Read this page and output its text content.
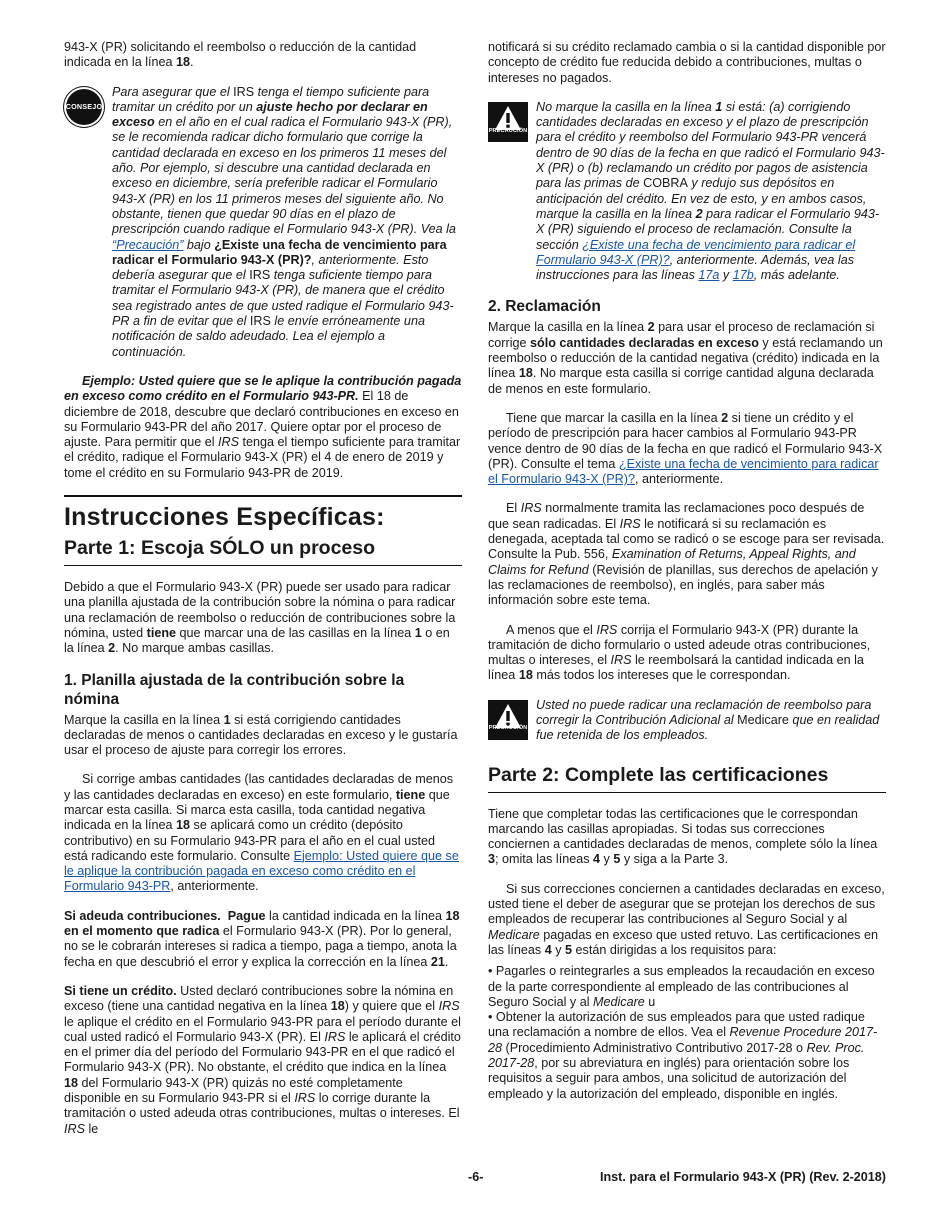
943-X (PR) solicitando el reembolso o reducción de la cantidad indicada en la línea 18.

CONSEJO
Para asegurar que el IRS tenga el tiempo suficiente para tramitar un crédito por un ajuste hecho por declarar en exceso en el año en el cual radica el Formulario 943-X (PR), se le recomienda radicar dicho formulario que corrige la cantidad declarada en exceso en los primeros 11 meses del año. Por ejemplo, si descubre una cantidad declarada en exceso en diciembre, sería preferible radicar el Formulario 943-X (PR) en los 11 primeros meses del siguiente año. No obstante, tienen que quedar 90 días en el plazo de prescripción cuando radique el Formulario 943-X (PR). Vea la “Precaución” bajo ¿Existe una fecha de vencimiento para radicar el Formulario 943-X (PR)?, anteriormente. Esto debería asegurar que el IRS tenga suficiente tiempo para tramitar el Formulario 943-X (PR), de manera que el crédito sea registrado antes de que usted radique el Formulario 943-PR a fin de evitar que el IRS le envíe erróneamente una notificación de saldo adeudado. Lea el ejemplo a continuación.

Ejemplo: Usted quiere que se le aplique la contribución pagada en exceso como crédito en el Formulario 943-PR. El 18 de diciembre de 2018, descubre que declaró contribuciones en exceso en su Formulario 943-PR del año 2017. Quiere optar por el proceso de ajuste. Para permitir que el IRS tenga el tiempo suficiente para tramitar el crédito, radique el Formulario 943-X (PR) el 4 de enero de 2019 y tome el crédito en su Formulario 943-PR de 2019.

Instrucciones Específicas:
Parte 1: Escoja SÓLO un proceso

Debido a que el Formulario 943-X (PR) puede ser usado para radicar una planilla ajustada de la contribución sobre la nómina o para radicar una reclamación de reembolso o reducción de contribuciones sobre la nómina, usted tiene que marcar una de las casillas en la línea 1 o en la línea 2. No marque ambas casillas.

1. Planilla ajustada de la contribución sobre la nómina

Marque la casilla en la línea 1 si está corrigiendo cantidades declaradas de menos o cantidades declaradas en exceso y le gustaría usar el proceso de ajuste para corregir los errores.

Si corrige ambas cantidades (las cantidades declaradas de menos y las cantidades declaradas en exceso) en este formulario, tiene que marcar esta casilla. Si marca esta casilla, toda cantidad negativa indicada en la línea 18 se aplicará como un crédito (depósito contributivo) en su Formulario 943-PR para el año en el cual usted está radicando este formulario. Consulte Ejemplo: Usted quiere que se le aplique la contribución pagada en exceso como crédito en el Formulario 943-PR, anteriormente.

Si adeuda contribuciones. Pague la cantidad indicada en la línea 18 en el momento que radica el Formulario 943-X (PR). Por lo general, no se le cobrarán intereses si radica a tiempo, paga a tiempo, anota la fecha en que descubrió el error y explica la corrección en la línea 21.

Si tiene un crédito. Usted declaró contribuciones sobre la nómina en exceso (tiene una cantidad negativa en la línea 18) y quiere que el IRS le aplique el crédito en el Formulario 943-PR para el período durante el cual usted radicó el Formulario 943-X (PR). El IRS le aplicará el crédito en el primer día del período del Formulario 943-PR en el que radicó el Formulario 943-X (PR). No obstante, el crédito que indica en la línea 18 del Formulario 943-X (PR) quizás no esté completamente disponible en su Formulario 943-PR si el IRS lo corrige durante la tramitación o usted adeuda otras contribuciones, multas o intereses. El IRS le

notificará si su crédito reclamado cambia o si la cantidad disponible por concepto de crédito fue reducida debido a contribuciones, multas o intereses no pagados.

PRECAUCIÓN
No marque la casilla en la línea 1 si está: (a) corrigiendo cantidades declaradas en exceso y el plazo de prescripción para el crédito y reembolso del Formulario 943-PR vencerá dentro de 90 días de la fecha en que radicó el Formulario 943-X (PR) o (b) reclamando un crédito por pagos de asistencia para las primas de COBRA y redujo sus depósitos en anticipación del crédito. En vez de esto, y en ambos casos, marque la casilla en la línea 2 para radicar el Formulario 943-X (PR) siguiendo el proceso de reclamación. Consulte la sección ¿Existe una fecha de vencimiento para radicar el Formulario 943-X (PR)?, anteriormente. Además, vea las instrucciones para las líneas 17a y 17b, más adelante.
2. Reclamación

Marque la casilla en la línea 2 para usar el proceso de reclamación si corrige sólo cantidades declaradas en exceso y está reclamando un reembolso o reducción de la cantidad negativa (crédito) indicada en la línea 18. No marque esta casilla si corrige cantidad alguna declarada de menos en este formulario.

Tiene que marcar la casilla en la línea 2 si tiene un crédito y el período de prescripción para hacer cambios al Formulario 943-PR vence dentro de 90 días de la fecha en que radicó el Formulario 943-X (PR). Consulte el tema ¿Existe una fecha de vencimiento para radicar el Formulario 943-X (PR)?, anteriormente.

El IRS normalmente tramita las reclamaciones poco después de que sean radicadas. El IRS le notificará si su reclamación es denegada, aceptada tal como se radicó o se escoge para ser revisada. Consulte la Pub. 556, Examination of Returns, Appeal Rights, and Claims for Refund (Revisión de planillas, sus derechos de apelación y las reclamaciones de reembolso), en inglés, para saber más información sobre este tema.

A menos que el IRS corrija el Formulario 943-X (PR) durante la tramitación de dicho formulario o usted adeude otras contribuciones, multas o intereses, el IRS le reembolsará la cantidad indicada en la línea 18 más todos los intereses que le correspondan.

PRECAUCIÓN
Usted no puede radicar una reclamación de reembolso para corregir la Contribución Adicional al Medicare que en realidad fue retenida de los empleados.
Parte 2: Complete las certificaciones

Tiene que completar todas las certificaciones que le correspondan marcando las casillas apropiadas. Si todas sus correcciones conciernen a cantidades declaradas de menos, complete sólo la línea 3; omita las líneas 4 y 5 y siga a la Parte 3.

Si sus correcciones conciernen a cantidades declaradas en exceso, usted tiene el deber de asegurar que se protejan los derechos de sus empleados de recuperar las contribuciones al Seguro Social y al Medicare pagadas en exceso que usted retuvo. Las certificaciones en las líneas 4 y 5 están dirigidas a los requisitos para:

• Pagarles o reintegrarles a sus empleados la recaudación en exceso de la parte correspondiente al empleado de las contribuciones al Seguro Social y al Medicare u
• Obtener la autorización de sus empleados para que usted radique una reclamación a nombre de ellos. Vea el Revenue Procedure 2017-28 (Procedimiento Administrativo Contributivo 2017-28 o Rev. Proc. 2017-28, por su abreviatura en inglés) para orientación sobre los requisitos a seguir para ambos, una solicitud de autorización del empleado y la autorización del empleado, disponible en inglés.
-6-	Inst. para el Formulario 943-X (PR) (Rev. 2-2018)
